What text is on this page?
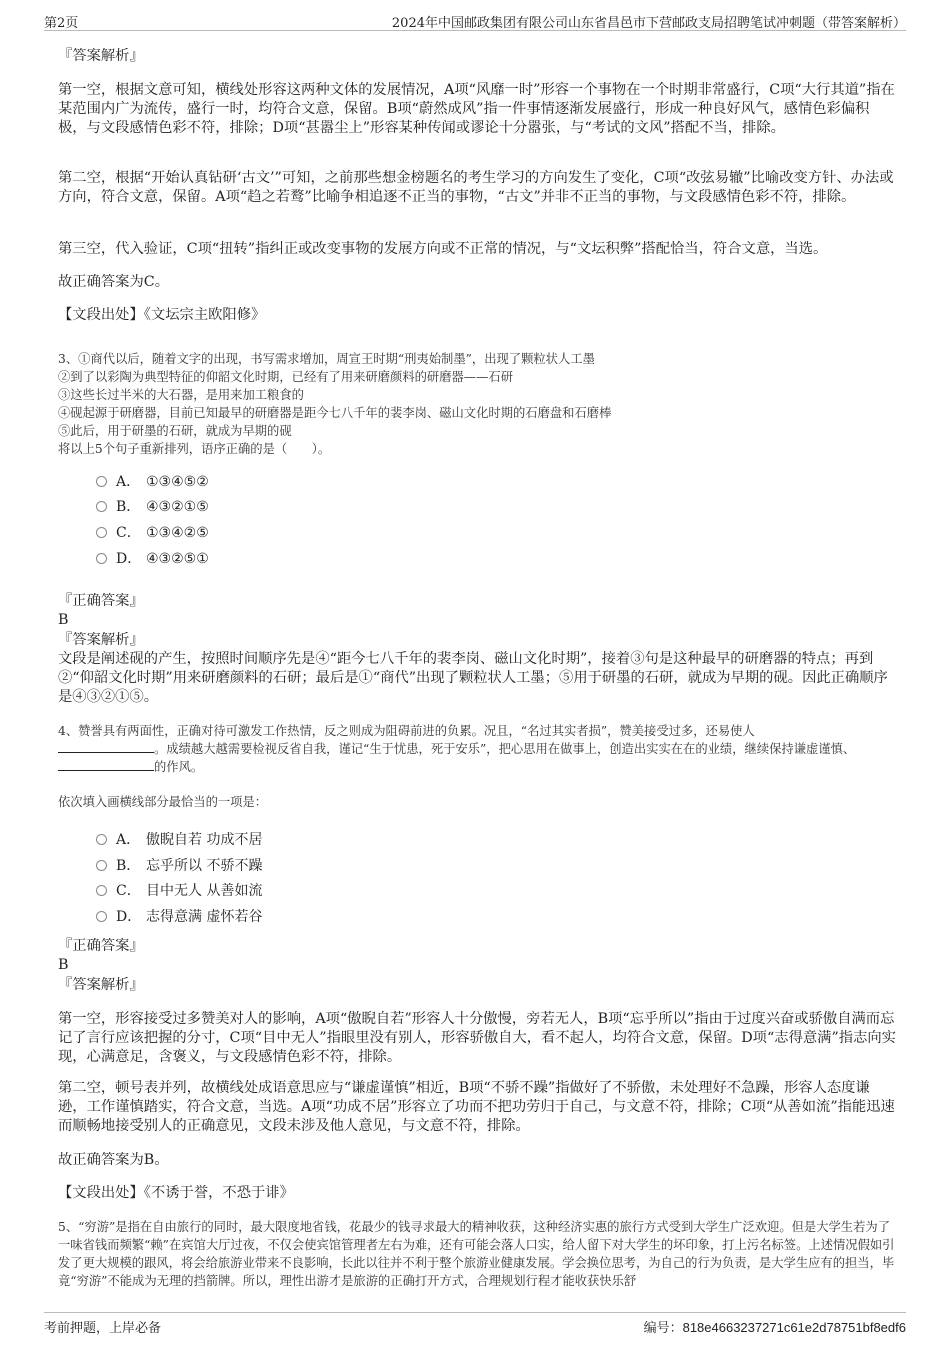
第2页	2024年中国邮政集团有限公司山东省昌邑市下营邮政支局招聘笔试冲刺题（带答案解析）
『答案解析』
第一空，根据文意可知，横线处形容这两种文体的发展情况，A项“风靡一时”形容一个事物在一个时期非常盛行，C项“大行其道”指在某范围内广为流传，盛行一时，均符合文意，保留。B项“蔚然成风”指一件事情逐渐发展盛行，形成一种良好风气，感情色彩偏积极，与文段感情色彩不符，排除；D项“甚嚣尘上”形容某种传闻或谬论十分嚣张，与“考试的文风”搭配不当，排除。
第二空，根据“开始认真钻研‘古文’”可知，之前那些想金榜题名的考生学习的方向发生了变化，C项“改弦易辙”比喻改变方针、办法或方向，符合文意，保留。A项“趋之若鹜”比喻争相追逐不正当的事物，“古文”并非不正当的事物，与文段感情色彩不符，排除。
第三空，代入验证，C项“扭转”指纠正或改变事物的发展方向或不正常的情况，与“文坛积弊”搭配恰当，符合文意，当选。
故正确答案为C。
【文段出处】《文坛宗主欧阳修》

3、①商代以后，随着文字的出现，书写需求增加，周宣王时期“刑夷始制墨”，出现了颗粒状人工墨

②到了以彩陶为典型特征的仰韶文化时期，已经有了用来研磨颜料的研磨器——石研

③这些长过半米的大石器，是用来加工粮食的

④砚起源于研磨器，目前已知最早的研磨器是距今七八千年的裴李岗、磁山文化时期的石磨盘和石磨棒

⑤此后，用于研墨的石研，就成为早期的砚

将以上5个句子重新排列，语序正确的是（　　）。

A． ①③④⑤②
B． ④③②①⑤
C． ①③④②⑤
D． ④③②⑤①
『正确答案』
B
『答案解析』
文段是阐述砚的产生，按照时间顺序先是④“距今七八千年的裴李岗、磁山文化时期”，接着③句是这种最早的研磨器的特点；再到②“仰韶文化时期”用来研磨颜料的石研；最后是①“商代”出现了颗粒状人工墨；⑤用于研墨的石研，就成为早期的砚。因此正确顺序是④③②①⑤。
4、赞誉具有两面性，正确对待可激发工作热情，反之则成为阻碍前进的负累。况且，“名过其实者损”，赞美接受过多，还易使人
。成绩越大越需要检视反省自我，谨记“生于忧患，死于安乐”，把心思用在做事上，创造出实实在在的业绩，继续保持谦虚谨慎、的作风。
依次填入画横线部分最恰当的一项是：
A． 傲睨自若 功成不居
B． 忘乎所以 不骄不躁
C． 目中无人 从善如流
D． 志得意满 虚怀若谷
『正确答案』
B
『答案解析』
第一空，形容接受过多赞美对人的影响，A项“傲睨自若”形容人十分傲慢，旁若无人，B项“忘乎所以”指由于过度兴奋或骄傲自满而忘记了言行应该把握的分寸，C项“目中无人”指眼里没有别人，形容骄傲自大，看不起人，均符合文意，保留。D项“志得意满”指志向实现，心满意足，含褒义，与文段感情色彩不符，排除。
第二空，顿号表并列，故横线处成语意思应与“谦虚谨慎”相近，B项“不骄不躁”指做好了不骄傲，未处理好不急躁，形容人态度谦逊，工作谨慎踏实，符合文意，当选。A项“功成不居”形容立了功而不把功劳归于自己，与文意不符，排除；C项“从善如流”指能迅速而顺畅地接受别人的正确意见，文段未涉及他人意见，与文意不符，排除。
故正确答案为B。
【文段出处】《不诱于誉，不恐于诽》
5、“穷游”是指在自由旅行的同时，最大限度地省钱，花最少的钱寻求最大的精神收获，这种经济实惠的旅行方式受到大学生广泛欢迎。但是大学生若为了一味省钱而频繁“赖”在宾馆大厅过夜，不仅会使宾馆管理者左右为难，还有可能会落人口实，给人留下对大学生的坏印象，打上污名标签。上述情况假如引发了更大规模的跟风，将会给旅游业带来不良影响，长此以往并不利于整个旅游业健康发展。学会换位思考，为自己的行为负责，是大学生应有的担当，毕竟“穷游”不能成为无理的挡箭牌。所以，理性出游才是旅游的正确打开方式，合理规划行程才能收获快乐舒
考前押题，上岸必备	编号：818e4663237271c61e2d78751bf8edf6
